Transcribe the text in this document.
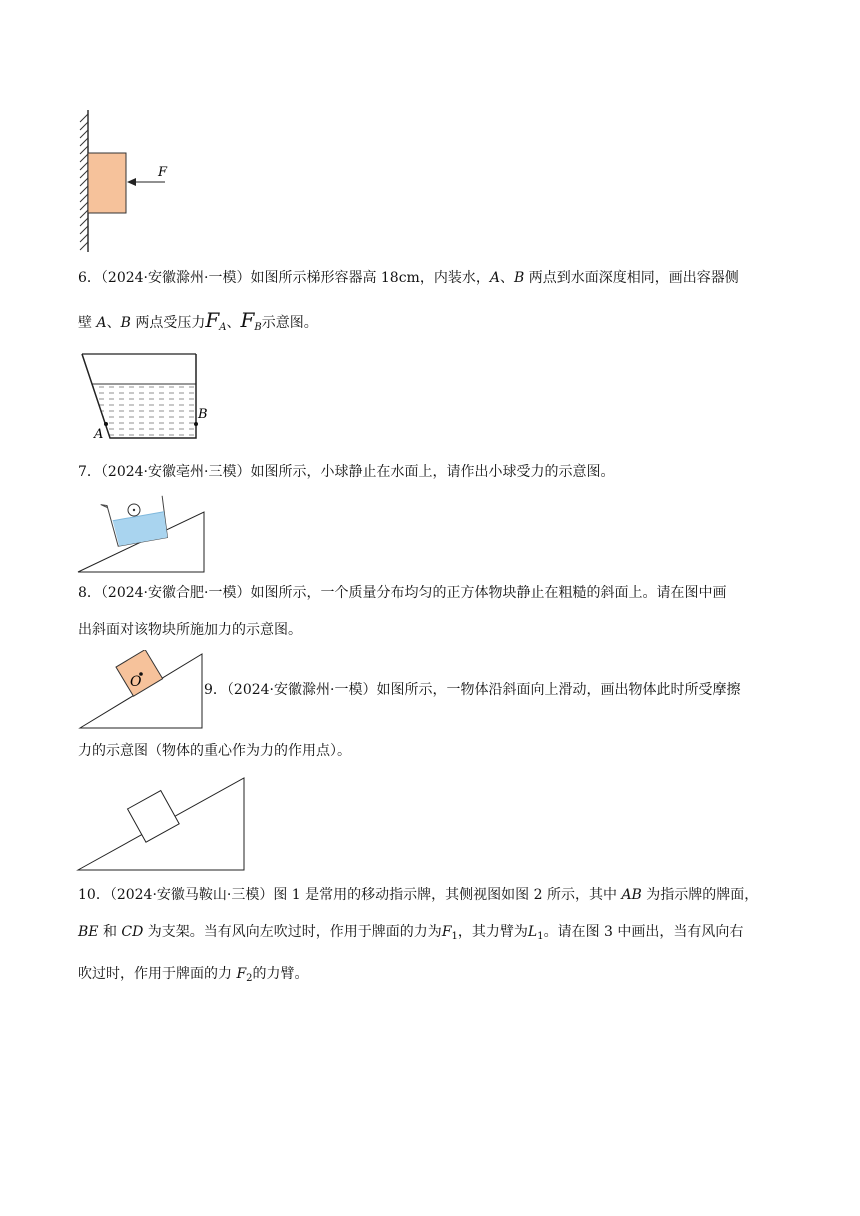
F
6．（2024·安徽滁州·一模）如图所示梯形容器高 18cm，内装水，A、B 两点到水面深度相同，画出容器侧
壁 A、B 两点受压力$F_A$、$F_B$示意图。
A
B
7．（2024·安徽亳州·三模）如图所示，小球静止在水面上，请作出小球受力的示意图。
8．（2024·安徽合肥·一模）如图所示，一个质量分布均匀的正方体物块静止在粗糙的斜面上。请在图中画
出斜面对该物块所施加力的示意图。
O	9．（2024·安徽滁州·一模）如图所示，一物体沿斜面向上滑动，画出物体此时所受摩擦
力的示意图（物体的重心作为力的作用点）。
10．（2024·安徽马鞍山·三模）图 1 是常用的移动指示牌，其侧视图如图 2 所示，其中 AB 为指示牌的牌面，
BE 和 CD 为支架。当有风向左吹过时，作用于牌面的力为$F_1$，其力臂为$L_1$。请在图 3 中画出，当有风向右
吹过时，作用于牌面的力 $F_2$的力臂。
